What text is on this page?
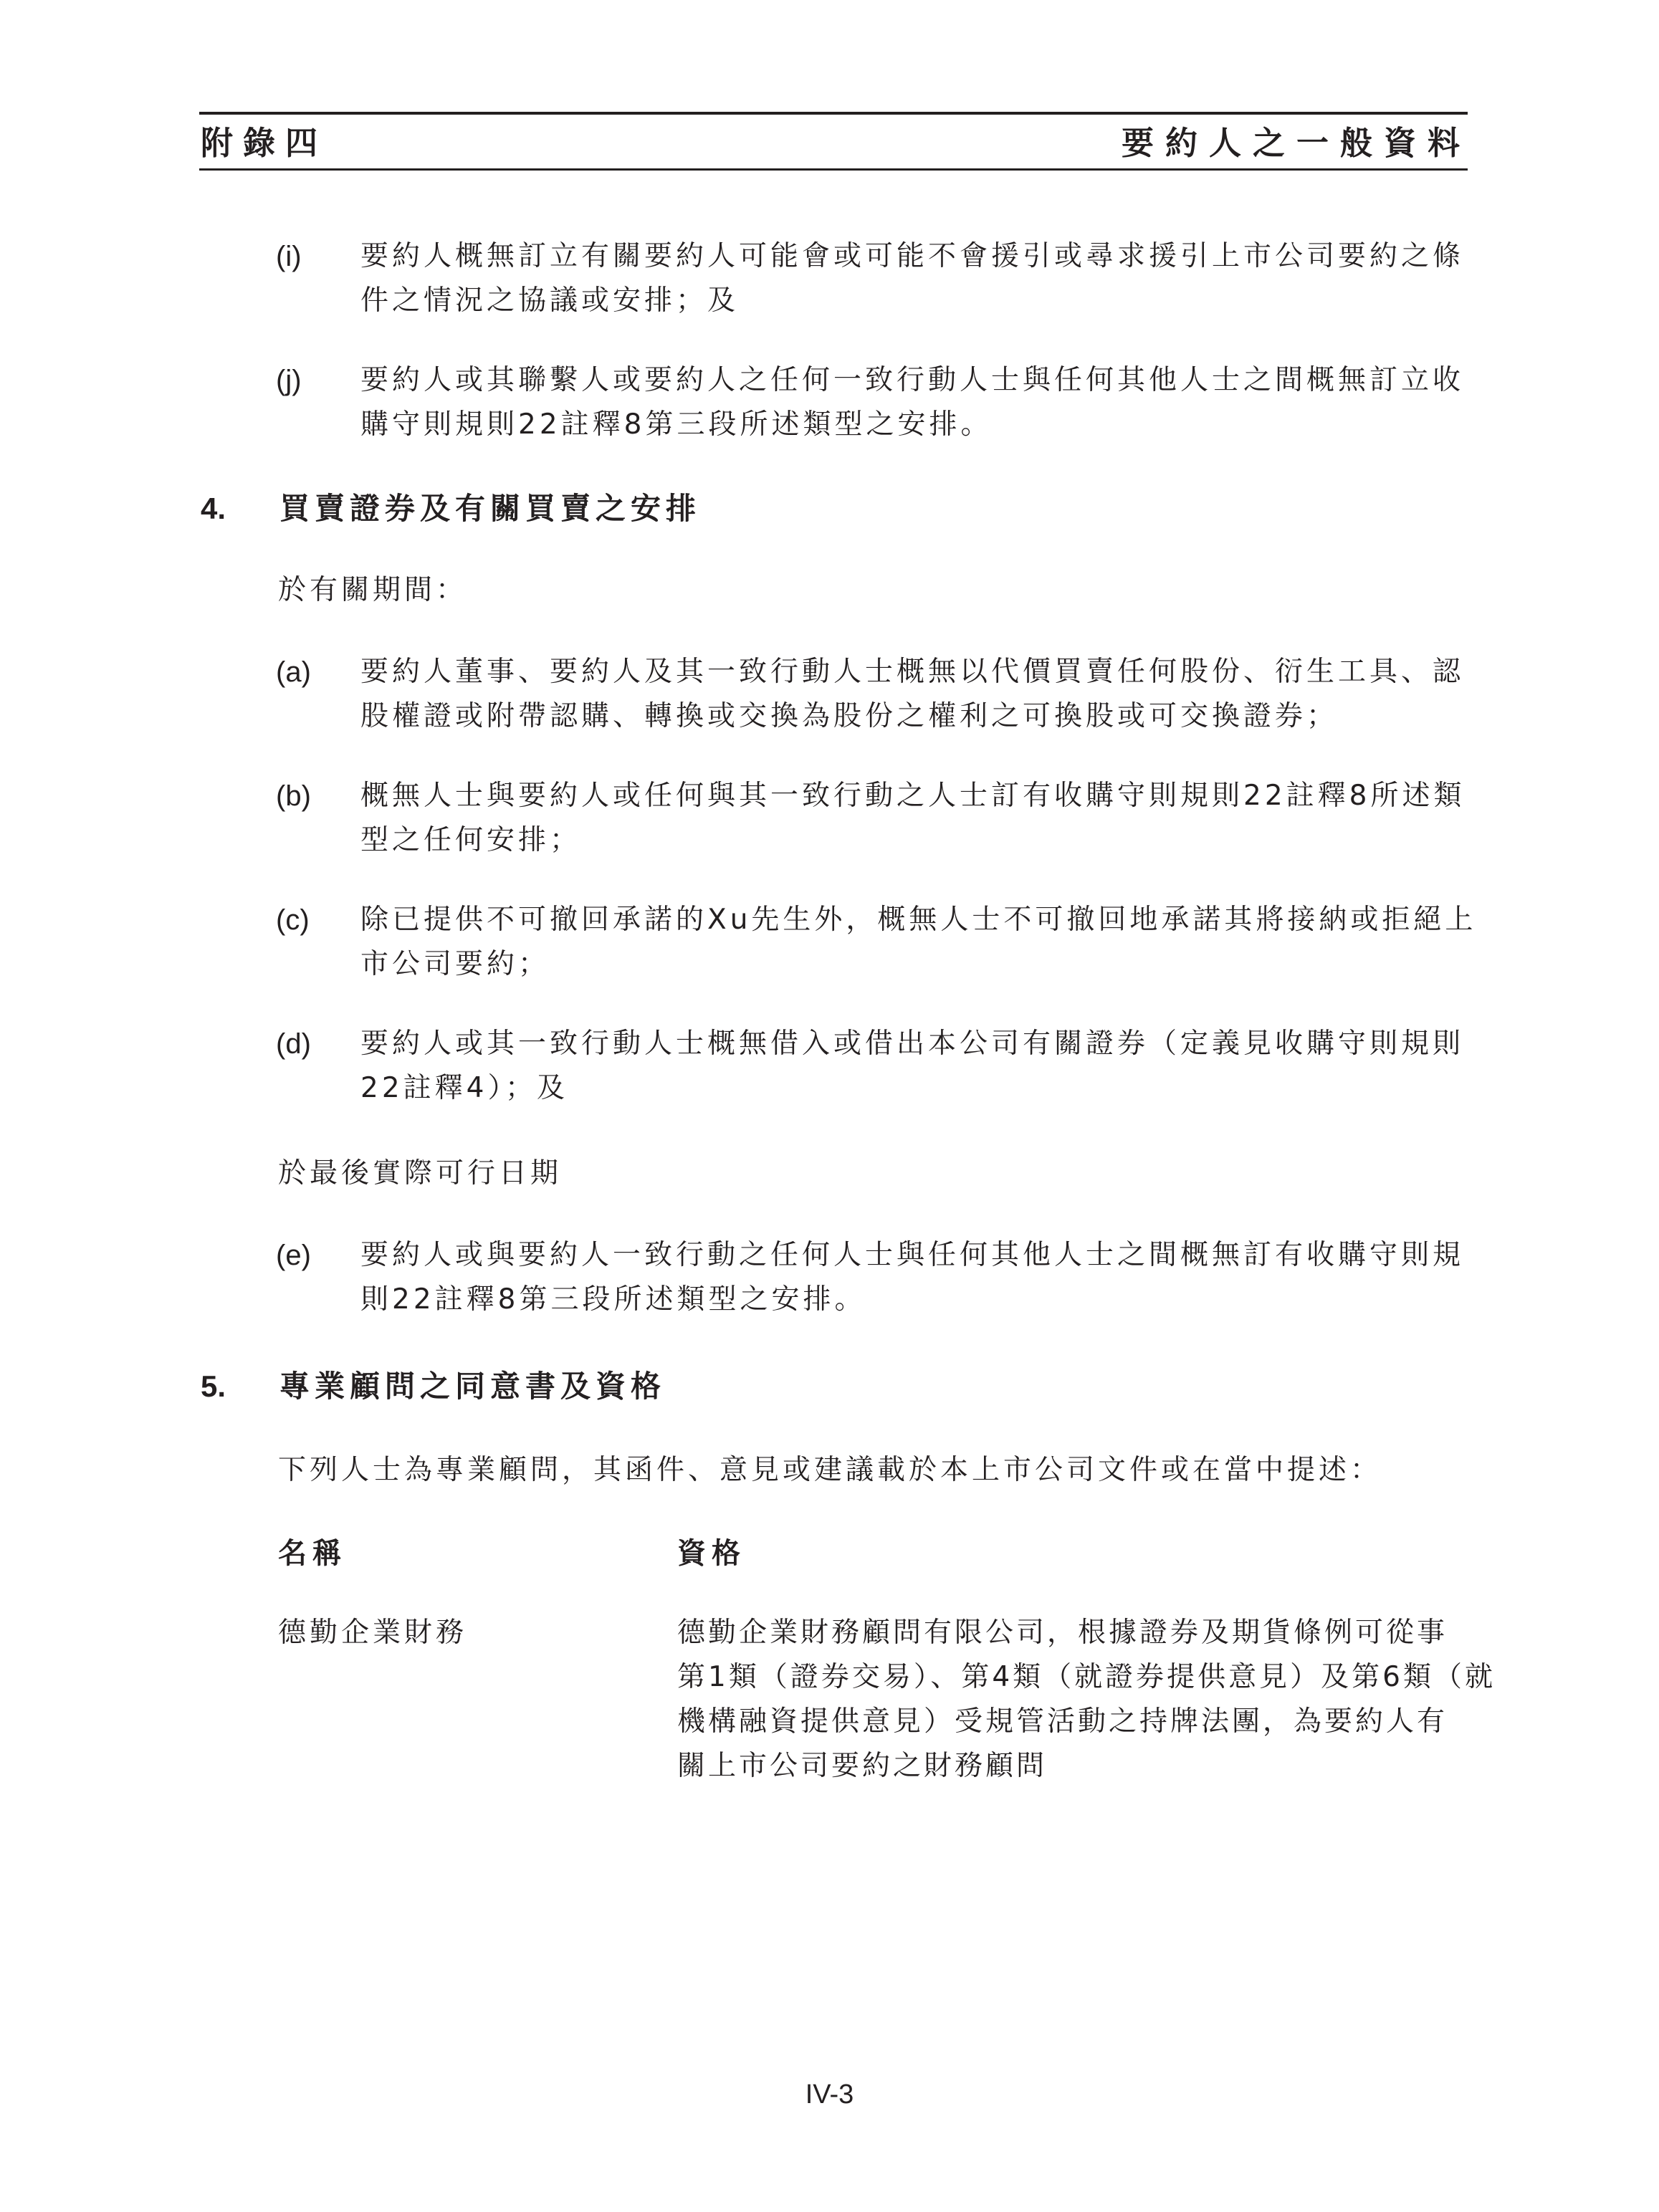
附錄四	要約人之一般資料
(i) 要約人概無訂立有關要約人可能會或可能不會援引或尋求援引上市公司要約之條
件之情況之協議或安排；及
(j) 要約人或其聯繫人或要約人之任何一致行動人士與任何其他人士之間概無訂立收
購守則規則22註釋8第三段所述類型之安排。
4. 買賣證券及有關買賣之安排
於有關期間：
(a) 要約人董事、要約人及其一致行動人士概無以代價買賣任何股份、衍生工具、認
股權證或附帶認購、轉換或交換為股份之權利之可換股或可交換證券；
(b) 概無人士與要約人或任何與其一致行動之人士訂有收購守則規則22註釋8所述類
型之任何安排；
(c) 除已提供不可撤回承諾的Xu先生外，概無人士不可撤回地承諾其將接納或拒絕上
市公司要約；
(d) 要約人或其一致行動人士概無借入或借出本公司有關證券（定義見收購守則規則
22註釋4）；及
於最後實際可行日期
(e) 要約人或與要約人一致行動之任何人士與任何其他人士之間概無訂有收購守則規
則22註釋8第三段所述類型之安排。
5. 專業顧問之同意書及資格
下列人士為專業顧問，其函件、意見或建議載於本上市公司文件或在當中提述：
名稱	資格
德勤企業財務	德勤企業財務顧問有限公司，根據證券及期貨條例可從事
第1類（證券交易）、第4類（就證券提供意見）及第6類（就
機構融資提供意見）受規管活動之持牌法團，為要約人有
關上市公司要約之財務顧問
IV-3
